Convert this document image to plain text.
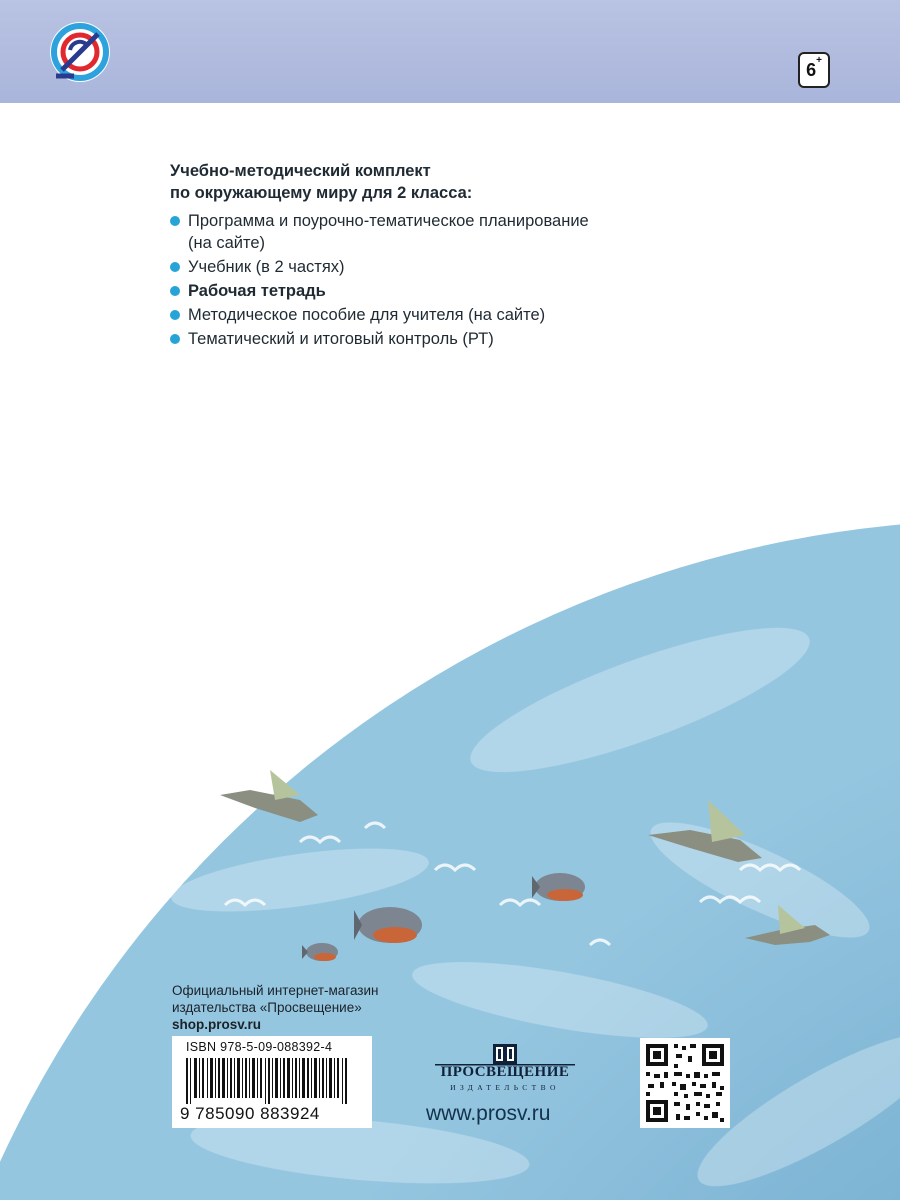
6+
Учебно-методический комплект
по окружающему миру для 2 класса:
Программа и поурочно-тематическое планирование
(на сайте)
Учебник (в 2 частях)
Рабочая тетрадь
Методическое пособие для учителя (на сайте)
Тематический и итоговый контроль (РТ)
Официальный интернет-магазин
издательства «Просвещение»
shop.prosv.ru
ISBN 978-5-09-088392-4
9 785090 883924
ПРОСВЕЩЕНИЕ
ИЗДАТЕЛЬСТВО
www.prosv.ru
